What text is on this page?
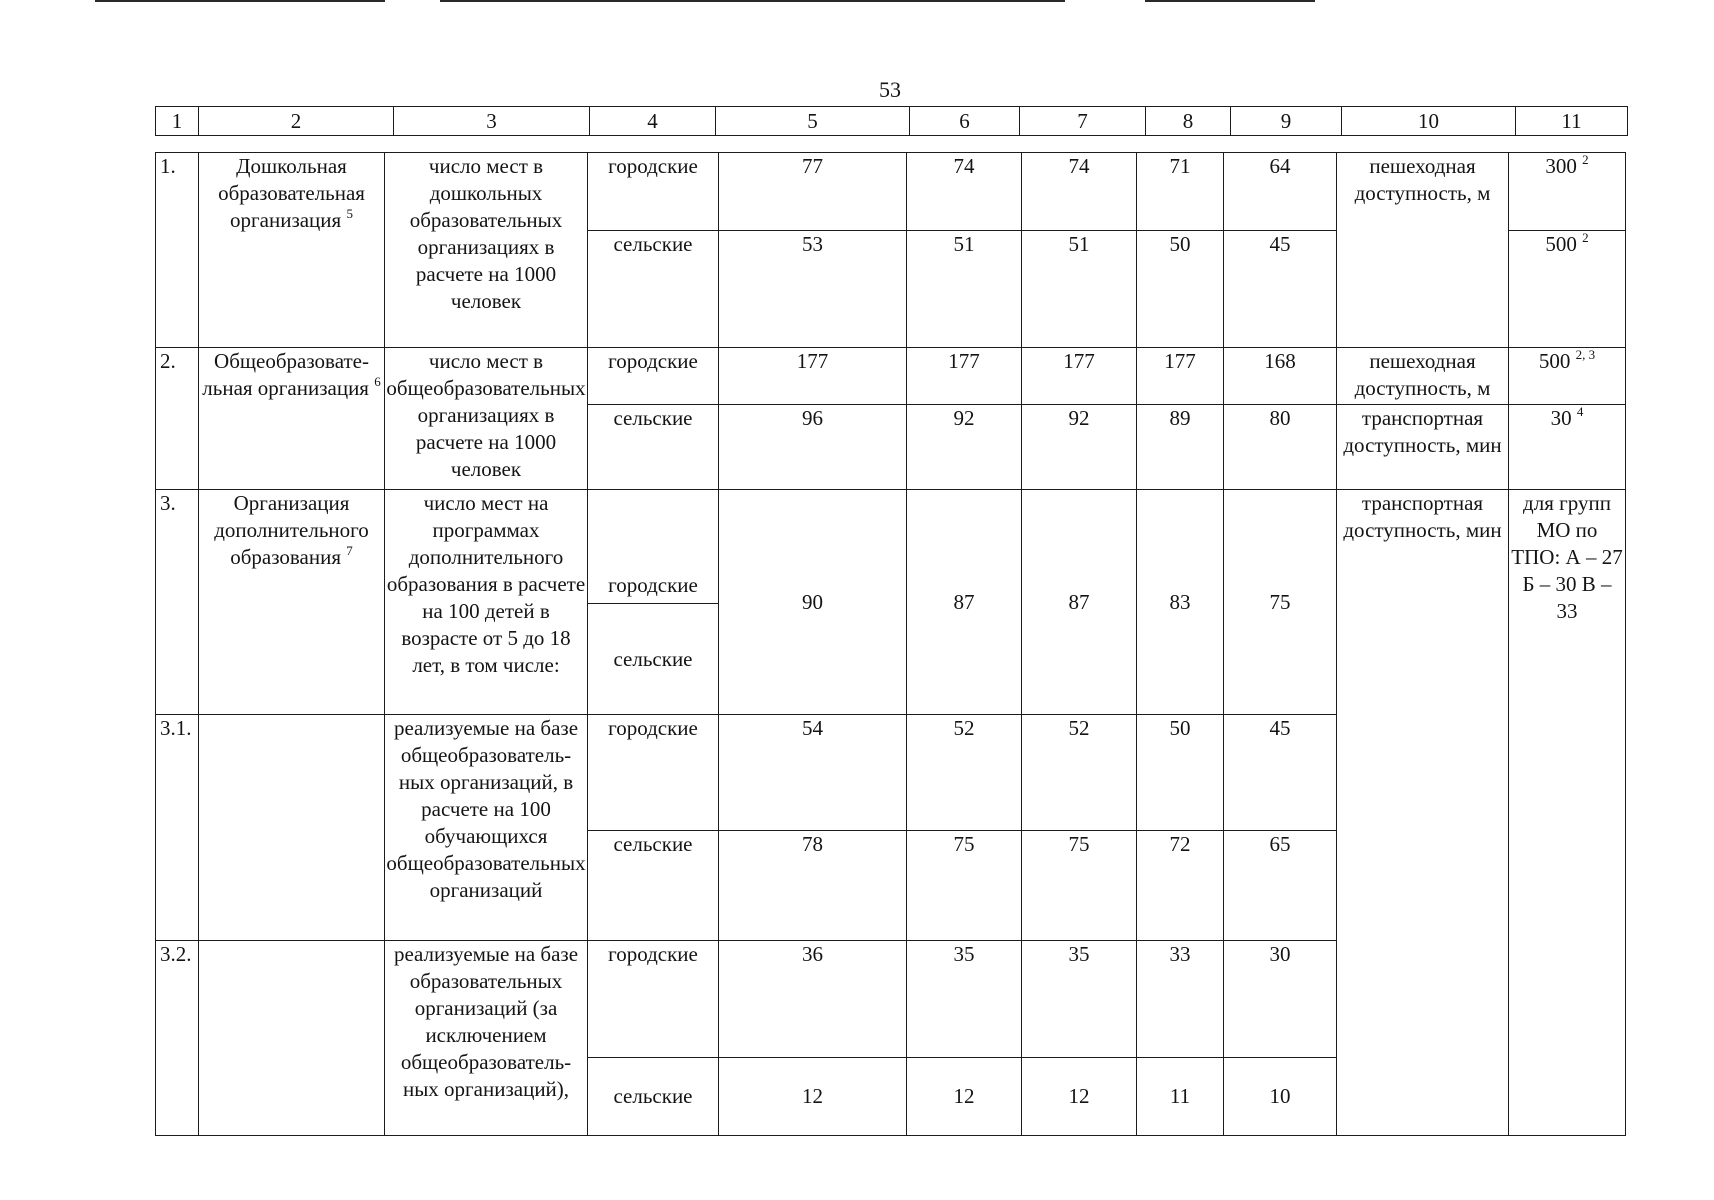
53
1	2	3	4	5	6	7	8	9	10	11
1.	Дошкольная образовательная организация $^5$	число мест в дошкольных образовательных организациях в расчете на 1000 человек	городские	77	74	74	71	64	пешеходная доступность, м	300 $^2$
			сельские	53	51	51	50	45		500 $^2$
2.	Общеобразовате-льная организация $^6$	число мест в общеобразовательных организациях в расчете на 1000 человек	городские	177	177	177	177	168	пешеходная доступность, м	500 $^{2, 3}$
			сельские	96	92	92	89	80	транспортная доступность, мин	30 $^4$
3.	Организация дополнительного образования $^7$	число мест на программах дополнительного образования в расчете на 100 детей в возрасте от 5 до 18 лет, в том числе:	городские	90	87	87	83	75	транспортная доступность, мин	для групп МО по ТПО: А – 27 Б – 30 В – 33
			сельские							
3.1.		реализуемые на базе общеобразователь-ных организаций, в расчете на 100 обучающихся общеобразовательных организаций	городские	54	52	52	50	45		
			сельские	78	75	75	72	65		
3.2.		реализуемые на базе образовательных организаций (за исключением общеобразователь-ных организаций),	городские	36	35	35	33	30		
			сельские	12	12	12	11	10		
